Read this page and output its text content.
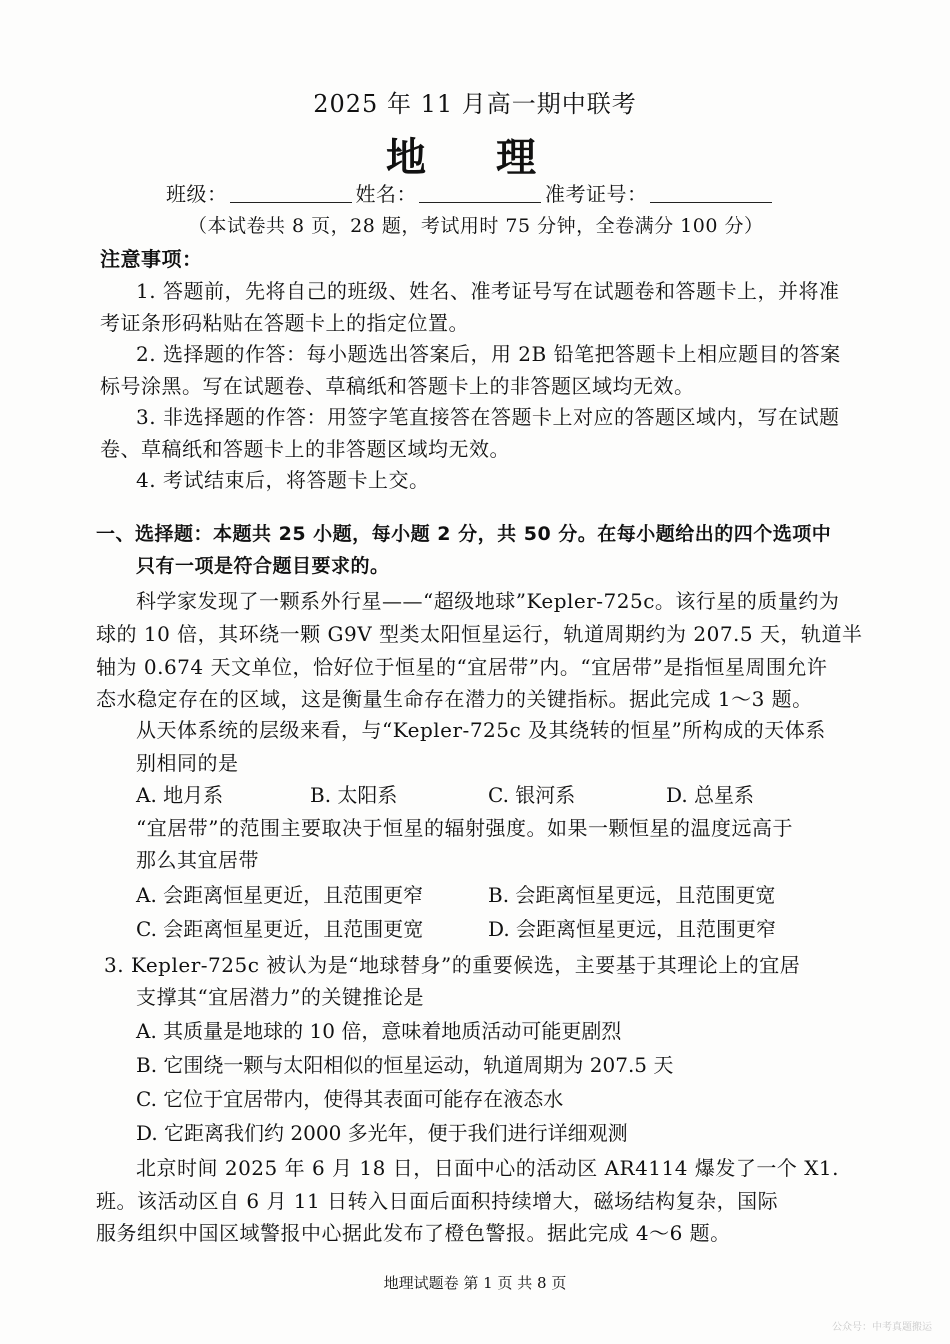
2025 年 11 月高一期中联考
地 理
班级：	姓名：	准考证号：
（本试卷共 8 页，28 题，考试用时 75 分钟，全卷满分 100 分）
注意事项：
1. 答题前，先将自己的班级、姓名、准考证号写在试题卷和答题卡上，并将准
考证条形码粘贴在答题卡上的指定位置。
2. 选择题的作答：每小题选出答案后，用 2B 铅笔把答题卡上相应题目的答案
标号涂黑。写在试题卷、草稿纸和答题卡上的非答题区域均无效。
3. 非选择题的作答：用签字笔直接答在答题卡上对应的答题区域内，写在试题
卷、草稿纸和答题卡上的非答题区域均无效。
4. 考试结束后，将答题卡上交。
一、选择题：本题共 25 小题，每小题 2 分，共 50 分。在每小题给出的四个选项中
只有一项是符合题目要求的。
科学家发现了一颗系外行星——“超级地球”Kepler-725c。该行星的质量约为
球的 10 倍，其环绕一颗 G9V 型类太阳恒星运行，轨道周期约为 207.5 天，轨道半
轴为 0.674 天文单位，恰好位于恒星的“宜居带”内。“宜居带”是指恒星周围允许
态水稳定存在的区域，这是衡量生命存在潜力的关键指标。据此完成 1～3 题。
从天体系统的层级来看，与“Kepler-725c 及其绕转的恒星”所构成的天体系
别相同的是
A. 地月系	B. 太阳系	C. 银河系	D. 总星系
“宜居带”的范围主要取决于恒星的辐射强度。如果一颗恒星的温度远高于
那么其宜居带
A. 会距离恒星更近，且范围更窄	B. 会距离恒星更远，且范围更宽
C. 会距离恒星更近，且范围更宽	D. 会距离恒星更远，且范围更窄
3. Kepler-725c 被认为是“地球替身”的重要候选，主要基于其理论上的宜居
支撑其“宜居潜力”的关键推论是
A. 其质量是地球的 10 倍，意味着地质活动可能更剧烈
B. 它围绕一颗与太阳相似的恒星运动，轨道周期为 207.5 天
C. 它位于宜居带内，使得其表面可能存在液态水
D. 它距离我们约 2000 多光年，便于我们进行详细观测
北京时间 2025 年 6 月 18 日，日面中心的活动区 AR4114 爆发了一个 X1.
班。该活动区自 6 月 11 日转入日面后面积持续增大，磁场结构复杂，国际
服务组织中国区域警报中心据此发布了橙色警报。据此完成 4～6 题。
地理试题卷 第 1 页 共 8 页
公众号：中考真题搬运
